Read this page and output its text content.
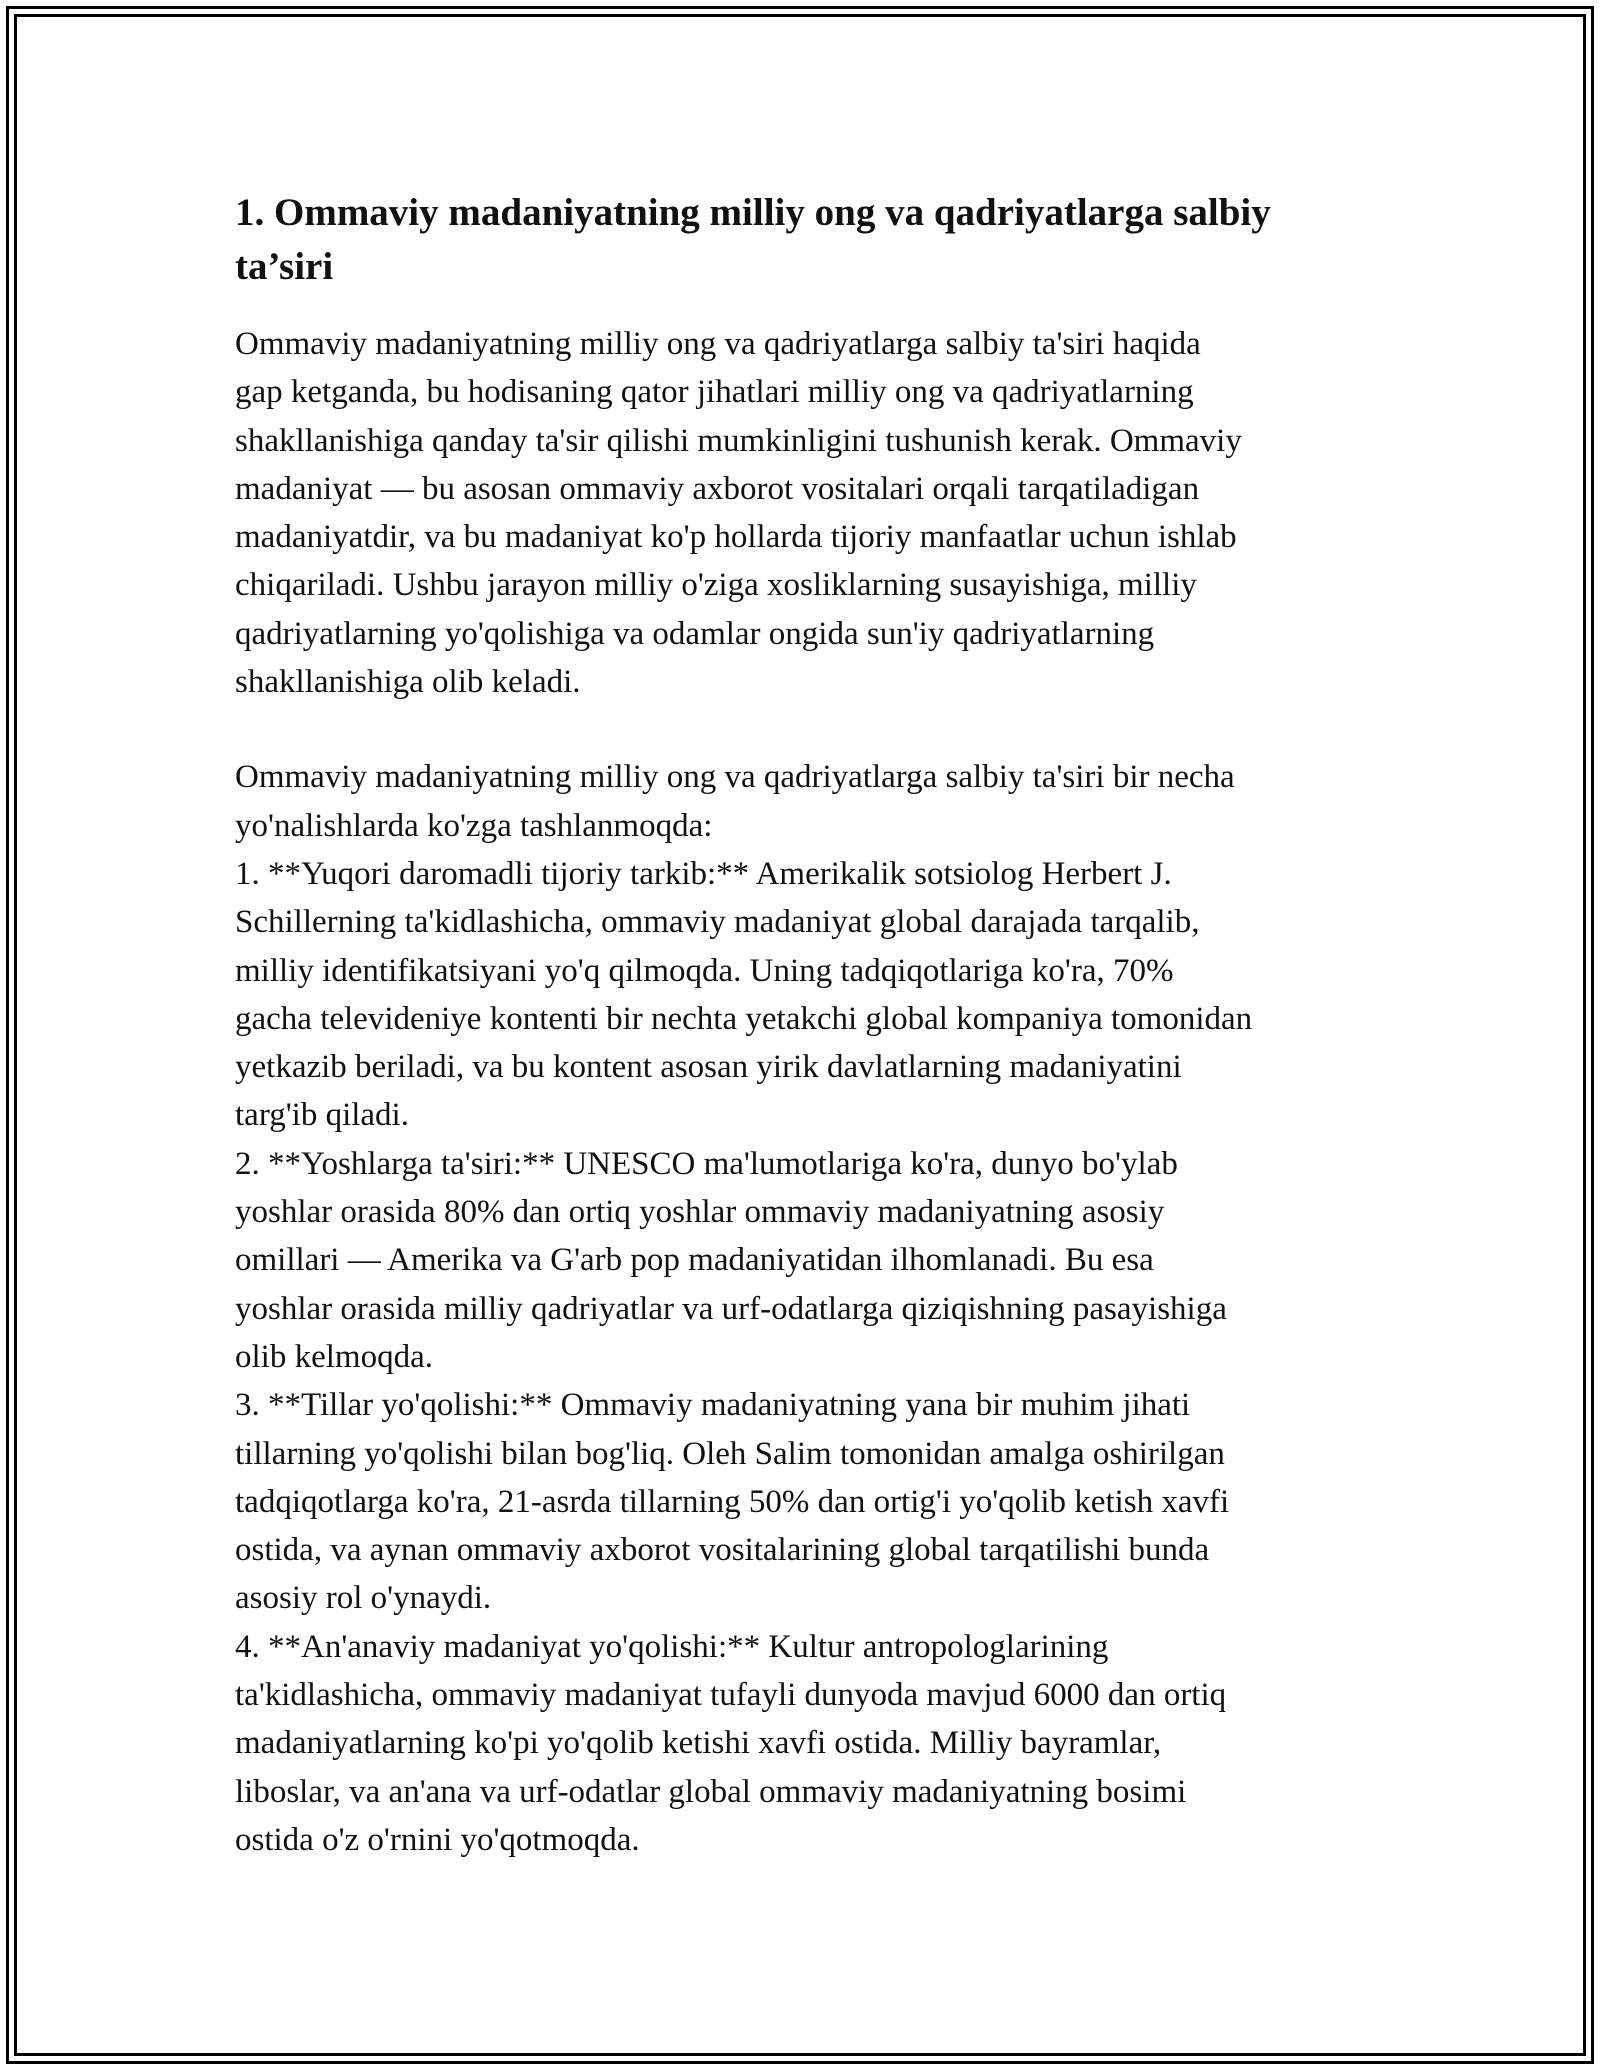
1. Ommaviy madaniyatning milliy ong va qadriyatlarga salbiy ta’siri

Ommaviy madaniyatning milliy ong va qadriyatlarga salbiy ta'siri haqida
gap ketganda, bu hodisaning qator jihatlari milliy ong va qadriyatlarning
shakllanishiga qanday ta'sir qilishi mumkinligini tushunish kerak. Ommaviy
madaniyat — bu asosan ommaviy axborot vositalari orqali tarqatiladigan
madaniyatdir, va bu madaniyat ko'p hollarda tijoriy manfaatlar uchun ishlab
chiqariladi. Ushbu jarayon milliy o'ziga xosliklarning susayishiga, milliy
qadriyatlarning yo'qolishiga va odamlar ongida sun'iy qadriyatlarning
shakllanishiga olib keladi.

Ommaviy madaniyatning milliy ong va qadriyatlarga salbiy ta'siri bir necha
yo'nalishlarda ko'zga tashlanmoqda:
1. **Yuqori daromadli tijoriy tarkib:** Amerikalik sotsiolog Herbert J.
Schillerning ta'kidlashicha, ommaviy madaniyat global darajada tarqalib,
milliy identifikatsiyani yo'q qilmoqda. Uning tadqiqotlariga ko'ra, 70%
gacha televideniye kontenti bir nechta yetakchi global kompaniya tomonidan
yetkazib beriladi, va bu kontent asosan yirik davlatlarning madaniyatini
targ'ib qiladi.
2. **Yoshlarga ta'siri:** UNESCO ma'lumotlariga ko'ra, dunyo bo'ylab
yoshlar orasida 80% dan ortiq yoshlar ommaviy madaniyatning asosiy
omillari — Amerika va G'arb pop madaniyatidan ilhomlanadi. Bu esa
yoshlar orasida milliy qadriyatlar va urf-odatlarga qiziqishning pasayishiga
olib kelmoqda.
3. **Tillar yo'qolishi:** Ommaviy madaniyatning yana bir muhim jihati
tillarning yo'qolishi bilan bog'liq. Oleh Salim tomonidan amalga oshirilgan
tadqiqotlarga ko'ra, 21-asrda tillarning 50% dan ortig'i yo'qolib ketish xavfi
ostida, va aynan ommaviy axborot vositalarining global tarqatilishi bunda
asosiy rol o'ynaydi.
4. **An'anaviy madaniyat yo'qolishi:** Kultur antropologlarining
ta'kidlashicha, ommaviy madaniyat tufayli dunyoda mavjud 6000 dan ortiq
madaniyatlarning ko'pi yo'qolib ketishi xavfi ostida. Milliy bayramlar,
liboslar, va an'ana va urf-odatlar global ommaviy madaniyatning bosimi
ostida o'z o'rnini yo'qotmoqda.
